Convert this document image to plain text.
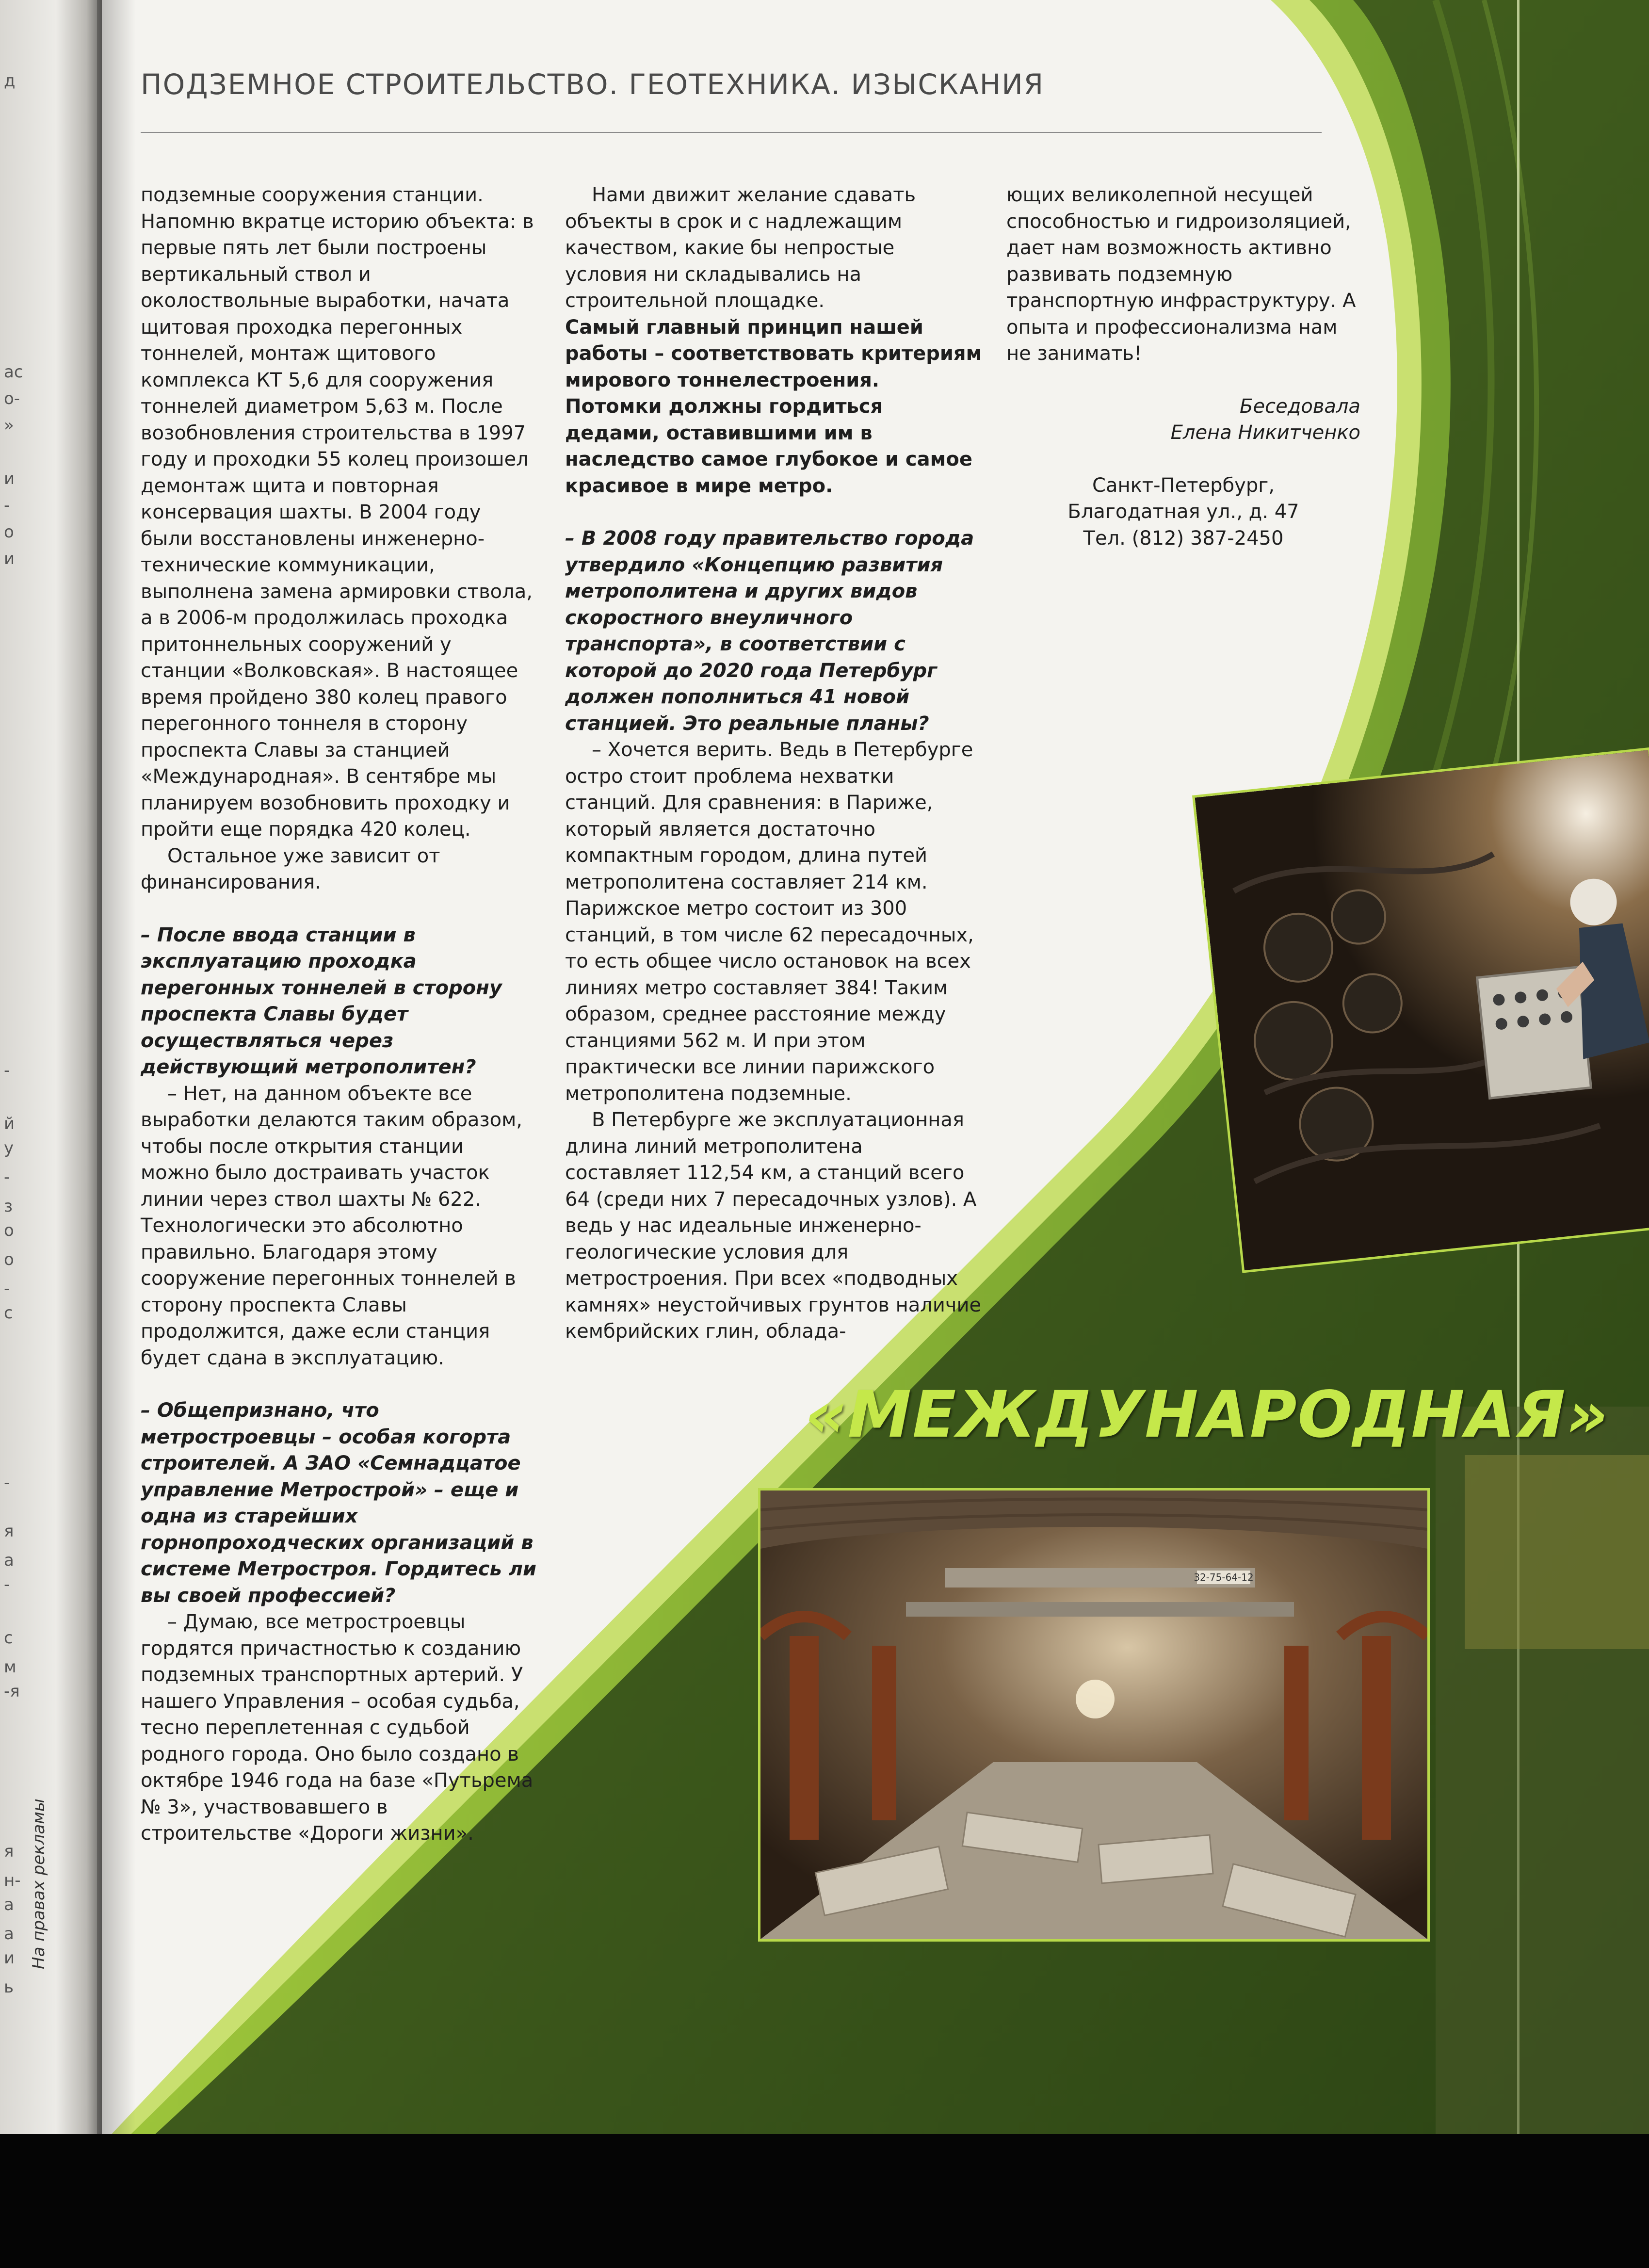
д
ас
о-
»
и
-
о
и
-
й
у
-
з
о
о
-
с
-
я
а
-
с
м
-я
я
н-
а
а
и
ь
На правах рекламы
ПОДЗЕМНОЕ СТРОИТЕЛЬСТВО. ГЕОТЕХНИКА. ИЗЫСКАНИЯ

подземные сооружения станции. Напомню вкратце историю объекта: в первые пять лет были построены вертикальный ствол и околоствольные выработки, начата щитовая проходка перегонных тоннелей, монтаж щитового комплекса КТ 5,6 для сооружения тоннелей диаметром 5,63 м. После возобновления строительства в 1997 году и проходки 55 колец произошел демонтаж щита и повторная консервация шахты. В 2004 году были восстановлены инженерно-технические коммуникации, выполнена замена армировки ствола, а в 2006-м продолжилась проходка притоннельных сооружений у станции «Волковская». В настоящее время пройдено 380 колец правого перегонного тоннеля в сторону проспекта Славы за станцией «Международная». В сентябре мы планируем возобновить проходку и пройти еще порядка 420 колец.

Остальное уже зависит от финансирования.

– После ввода станции в эксплуатацию проходка перегонных тоннелей в сторону проспекта Славы будет осуществляться через действующий метрополитен?

– Нет, на данном объекте все выработки делаются таким образом, чтобы после открытия станции можно было достраивать участок линии через ствол шахты № 622. Технологически это абсолютно правильно. Благодаря этому сооружение перегонных тоннелей в сторону проспекта Славы продолжится, даже если станция будет сдана в эксплуатацию.

– Общепризнано, что метростроевцы – особая когорта строителей. А ЗАО «Семнадцатое управление Метрострой» – еще и одна из старейших горнопроходческих организаций в системе Метростроя. Гордитесь ли вы своей профессией?

– Думаю, все метростроевцы гордятся причастностью к созданию подземных транспортных артерий. У нашего Управления – особая судьба, тесно переплетенная с судьбой родного города. Оно было создано в октябре 1946 года на базе «Путьрема № 3», участвовавшего в строительстве «Дороги жизни».

Нами движит желание сдавать объекты в срок и с надлежащим качеством, какие бы непростые условия ни складывались на строительной площадке.

Самый главный принцип нашей работы – соответствовать критериям мирового тоннелестроения. Потомки должны гордиться дедами, оставившими им в наследство самое глубокое и самое красивое в мире метро.

– В 2008 году правительство города утвердило «Концепцию развития метрополитена и других видов скоростного внеуличного транспорта», в соответствии с которой до 2020 года Петербург должен пополниться 41 новой станцией. Это реальные планы?

– Хочется верить. Ведь в Петербурге остро стоит проблема нехватки станций. Для сравнения: в Париже, который является достаточно компактным городом, длина путей метрополитена составляет 214 км. Парижское метро состоит из 300 станций, в том числе 62 пересадочных, то есть общее число остановок на всех линиях метро составляет 384! Таким образом, среднее расстояние между станциями 562 м. И при этом практически все линии парижского метрополитена подземные.

В Петербурге же эксплуатационная длина линий метрополитена составляет 112,54 км, а станций всего 64 (среди них 7 пересадочных узлов). А ведь у нас идеальные инженерно-геологические условия для метростроения. При всех «подводных камнях» неустойчивых грунтов наличие кембрийских глин, облада-

ющих великолепной несущей способностью и гидроизоляцией, дает нам возможность активно развивать подземную транспортную инфраструктуру. А опыта и профессионализма нам не занимать!

Беседовала

Елена Никитченко

Санкт-Петербург,

Благодатная ул., д. 47

Тел. (812) 387-2450

«МЕЖДУНАРОДНАЯ»
32-75-64-12
